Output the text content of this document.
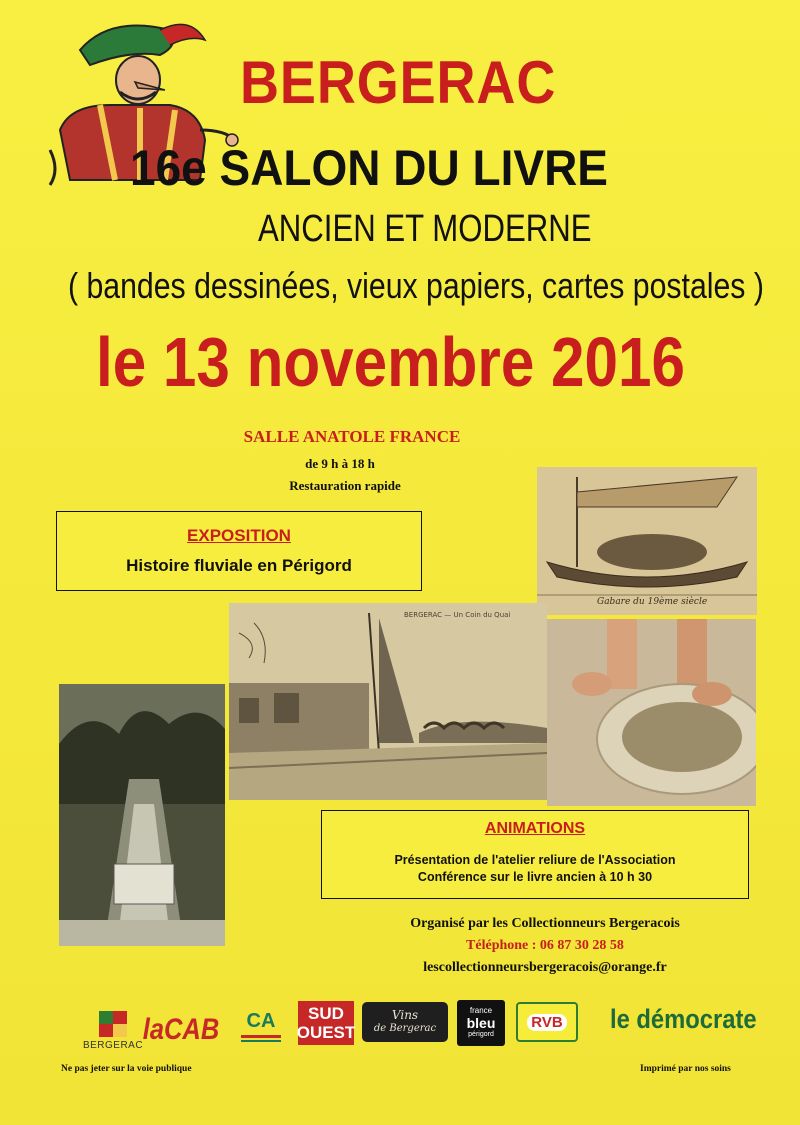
BERGERAC
16e SALON DU LIVRE
ANCIEN ET MODERNE
( bandes dessinées, vieux papiers, cartes postales )
le 13 novembre 2016
SALLE ANATOLE FRANCE
de 9 h à 18 h
Restauration rapide
EXPOSITION
Histoire fluviale en Périgord
Gabare du 19ème siècle
BERGERAC — Un Coin du Quai
ANIMATIONS
Présentation de l'atelier reliure de l'Association
Conférence sur le livre ancien à 10 h 30
Organisé par les Collectionneurs Bergeracois
Téléphone : 06 87 30 28 58
lescollectionneursbergeracois@orange.fr
BERGERAC laCAB CA SUD
OUEST
Vins
de Bergerac
france
bleu
périgord
RVB le démocrate
Ne pas jeter sur la voie publique	Imprimé par nos soins
